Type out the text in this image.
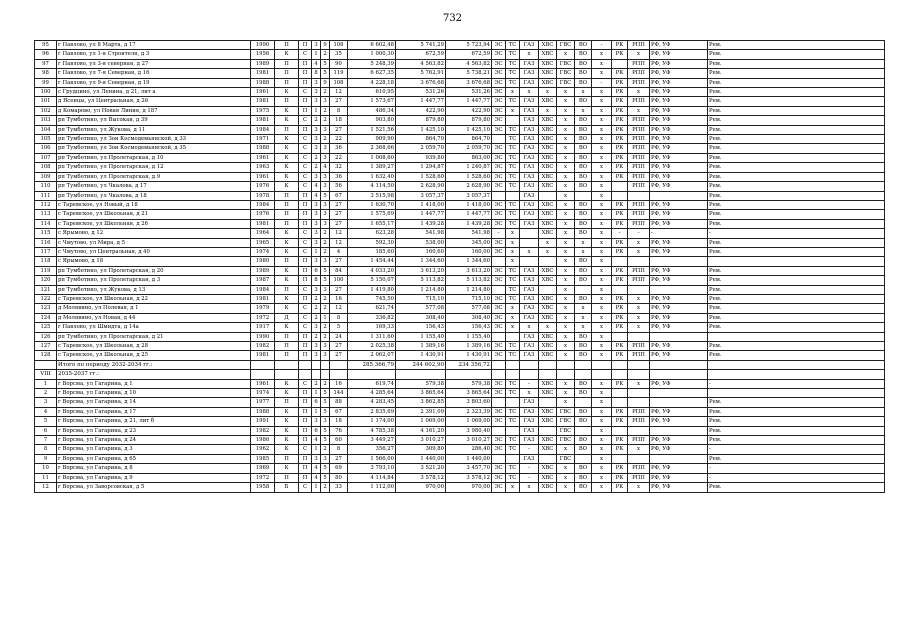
732
95	г Павлово, ул 8 Марта, д 17	1990	П	П	3	9	108	6 602,48	5 741,29	5 723,94	ЭС	ТС	ГАЗ	ХВС	ГВС	ВО	-	РК	РПП	РФ, УФ	Рем.
96	г Павлово, ул 1-я Строителя, д 3	1956	К	С	1	2	35	1 000,30	672,59	672,59	ЭС	ТС	х	ХВС	х	ВО	х	РК	х	РФ, УФ	Рем.
97	г Павлово, ул 3-я северная, д 27	1989	П	П	4	5	90	5 248,39	4 563,82	4 563,82	ЭС	ТС	ГАЗ	ХВС	ГВС	ВО	х		РПП	РФ, УФ	Рем.
98	г Павлово, ул 7-я Северная, д 16	1981	П	П	8	5	119	6 627,35	5 762,91	5 738,21	ЭС	ТС	ГАЗ	ХВС	ГВС	ВО	х	РК	РПП	РФ, УФ	Рем.
99	г Павлово, ул 9-я Северная, д 19	1988	П	П	3	9	108	4 228,18	3 676,68	3 676,68	ЭС	ТС	ГАЗ	ХВС	ГВС	ВО	-	РК	РПП	РФ, УФ	Рем.
100	с Грудцино, ул Ленина, д 21, лит а	1961	К	С	3	2	12	610,95	531,26	531,26	ЭС	х	х	х	х	х	х	РК	х	РФ, УФ	Рем.
101	д Ясенцы, ул Центральная, д 26	1981	П	П	3	3	27	1 573,67	1 447,77	1 447,77	ЭС	ТС	ГАЗ	ХВС	х	ВО	х	РК	РПП	РФ, УФ	Рем.
102	д Комарово, ул Новая Линия, д 187	1975	К	П	1	2	8	486,34	422,90	422,90	ЭС	х	ГАЗ	х	х	х	х	РК	х	РФ, УФ	Рем.
103	рп Тумботино, ул Высокая, д 39	1981	К	С	2	2	18	903,80	879,80	879,80	ЭС		ГАЗ	ХВС	х	ВО	х	РК	РПП	РФ, УФ	Рем.
104	рп Тумботино, ул Жукова, д 11	1984	П	П	3	3	27	1 521,56	1 425,10	1 425,10	ЭС	ТС	ГАЗ	ХВС	х	ВО	х	РК	РПП	РФ, УФ	Рем.
105	рп Тумботино, ул Зои Космодемьянской, д 33	1971	К	С	3	2	22	909,90	864,70	864,70		ТС	ГАЗ	ХВС	х	ВО	х	РК	РПП	РФ, УФ	Рем.
106	рп Тумботино, ул Зои Космодемьянской, д 35	1988	К	С	3	3	36	2 368,66	2 059,70	2 059,70	ЭС	ТС	ГАЗ	ХВС	х	ВО	х	РК	РПП	РФ, УФ	Рем.
107	рп Тумботино, ул Пролетарская, д 10	1961	К	С	2	3	22	1 008,60	939,80	863,00	ЭС	ТС	ГАЗ	ХВС	х	ВО	х	РК	РПП	РФ, УФ	Рем.
108	рп Тумботино, ул Пролетарская, д 12	1963	К	С	2	4	32	1 389,27	1 294,87	1 240,87	ЭС	ТС	ГАЗ	ХВС	х	ВО	х	РК	РПП	РФ, УФ	Рем.
109	рп Тумботино, ул Пролетарская, д 9	1961	К	С	3	3	36	1 632,40	1 528,60	1 528,60	ЭС	ТС	ГАЗ	ХВС	х	ВО	х	РК	РПП	РФ, УФ	Рем.
110	рп Тумботино, ул Чкалова, д 17	1976	К	С	4	3	56	4 114,50	2 628,90	2 628,90	ЭС	ТС	ГАЗ	ХВС	х	ВО	х		РПП	РФ, УФ	Рем.
111	рп Тумботино, ул Чкалова, д 18	1978	П	П	4	5	67	3 515,98	3 057,37	3 057,37			ГАЗ		х		х				Рем.
112	с Таремское, ул Новый, д 18	1984	П	П	3	3	27	1 630,70	1 418,00	1 418,00	ЭС	ТС	ГАЗ	ХВС	х	ВО	х	РК	РПП	РФ, УФ	Рем.
113	с Таремское, ул Школьная, д 21	1976	П	П	3	3	27	1 575,69	1 447,77	1 447,77	ЭС	ТС	ГАЗ	ХВС	х	ВО	х	РК	РПП	РФ, УФ	Рем.
114	с Таремское, ул Школьная, д 26	1981	П	П	3	3	27	1 655,17	1 439,28	1 439,28	ЭС	ТС	ГАЗ	ХВС	х	ВО	х	РК	РПП	РФ, УФ	Рем.
115	с Ярымово, д 12	1964	К	С	3	2	12	623,28	541,98	541,98	-	х		ХВС	х	ВО	х	-	-	-	-
116	с Чмутово, ул Мира, д 5	1965	К	С	3	2	12	592,30	538,00	345,00	ЭС	х		х	х	х	х	РК	х	РФ, УФ	Рем.
117	с Чмутово, ул Центральная, д 40	1974	К	С	1	2	4	185,60	160,60	160,00	ЭС	х	х	х	х	х	х	РК	х	РФ, УФ	Рем.
118	с Ярымово, д 18	1980	П	П	3	3	27	1 454,44	1 344,60	1 344,60		х			х	ВО	х				
119	рп Тумботино, ул Пролетарская, д 20	1989	К	П	6	5	84	4 033,20	3 613,20	3 613,20	ЭС	ТС	ГАЗ	ХВС	х	ВО	х	РК	РПП	РФ, УФ	Рем.
120	рп Тумботино, ул Пролетарская, д 3	1987	К	П	8	5	100	5 150,07	5 113,82	5 113,82	ЭС	ТС	ГАЗ	ХВС	х	ВО	х	РК	РПП	РФ, УФ	Рем.
121	рп Тумботино, ул Жукова, д 13	1984	П	С	3	3	27	1 419,80	1 214,80	1 214,80		ТС	ГАЗ		х		х				Рем.
122	с Таремское, ул Школьная, д 22	1981	К	П	2	2	16	745,50	715,10	715,10	ЭС	ТС	ГАЗ	ХВС	х	ВО	х	РК	х	РФ, УФ	Рем.
123	д Молявино, ул Полевая, д 1	1979	К	С	2	2	12	621,74	577,08	577,08	ЭС	х	ГАЗ	ХВС	х	х	х	РК	х	РФ, УФ	Рем.
124	д Молявино, ул Новая, д 44	1972	Д	С	2	1	8	336,82	308,40	308,40	ЭС	х	ГАЗ	ХВС	х	х	х	РК	х	РФ, УФ	Рем.
125	г Павлово, ул Шмидта, д 14а	1917	К	С	3	2	5	169,33	156,43	156,43	ЭС	х	х	х	х	х	х	РК	х	РФ, УФ	Рем.
126	рп Тумботино, ул Пролетарская, д 21	1990	П	П	2	2	24	1 311,60	1 155,40	1 155,40			ГАЗ	ХВС	х	ВО	х				
127	с Таремское, ул Школьная, д 28	1982	П	П	3	3	27	2 025,38	1 389,16	1 389,16	ЭС	ТС	ГАЗ	ХВС	х	ВО	х	РК	РПП	РФ, УФ	Рем.
128	с Таремское, ул Школьная, д 25	1981	П	П	3	3	27	2 062,07	1 430,91	1 430,91	ЭС	ТС	ГАЗ	ХВС	х	ВО	х	РК	РПП	РФ, УФ	Рем.
	Итого по периоду 2032-2034 гг.:							285 366,79	244 602,90	234 356,72											
VIII	2035-2037 гг.:																				
1	г Ворсма, ул Гагарина, д 1	1961	К	С	2	2	16	619,74	579,38	579,38	ЭС	ТС	-	ХВС	х	ВО	х	РК	х	РФ, УФ	-
2	г Ворсма, ул Гагарина, д 10	1974	К	П	1	5	144	4 285,64	3 865,64	3 865,64	ЭС	ТС	х	ХВС	х	ВО	х				
3	г Ворсма, ул Гагарина, д 14	1977	П	П	6	5	88	4 283,45	3 862,85	3 803,60			ГАЗ		х		х				Рем.
4	г Ворсма, ул Гагарина, д 17	1988	К	П	1	5	67	2 835,69	2 391,09	2 323,39	ЭС	ТС	ГАЗ	ХВС	ГВС	ВО	х	РК	РПП	РФ, УФ	Рем.
5	г Ворсма, ул Гагарина, д 21, лит б	1991	К	П	3	3	18	1 174,00	1 069,00	1 069,00	ЭС	ТС	ГАЗ	ХВС	ГВС	ВО	х	РК	РПП	РФ, УФ	Рем.
6	г Ворсма, ул Гагарина, д 23	1982	К	П	6	5	76	4 785,38	4 161,20	3 980,40			ГАЗ		ГВС		х				Рем.
7	г Ворсма, ул Гагарина, д 24	1986	К	П	4	5	60	3 449,27	3 010,27	3 010,27	ЭС	ТС	ГАЗ	ХВС	ГВС	ВО	х	РК	РПП	РФ, УФ	Рем.
8	г Ворсма, ул Гагарина, д 3	1962	К	С	1	2	8	356,27	309,80	286,40	ЭС	ТС	-	ХВС	х	ВО	х	РК	х	РФ, УФ	-
9	г Ворсма, ул Гагарина, д 65	1985	П	П	3	3	27	1 566,00	1 440,00	1 440,00			ГАЗ		ГВС		х				Рем.
10	г Ворсма, ул Гагарина, д 8	1969	К	П	4	5	69	3 793,10	3 521,20	3 457,70	ЭС	ТС	-	ХВС	х	ВО	х	РК	РПП	РФ, УФ	-
11	г Ворсма, ул Гагарина, д 9	1972	П	П	4	5	80	4 114,84	3 578,12	3 578,12	ЭС	ТС	-	ХВС	х	ВО	х	РК	РПП	РФ, УФ	-
12	г Ворсма, ул Заворсовская, д 5	1958	Б	С	1	2	33	1 112,00	970,00	970,00	ЭС	х	х	ХВС	х	ВО	х	РК	х	РФ, УФ	Рем.
